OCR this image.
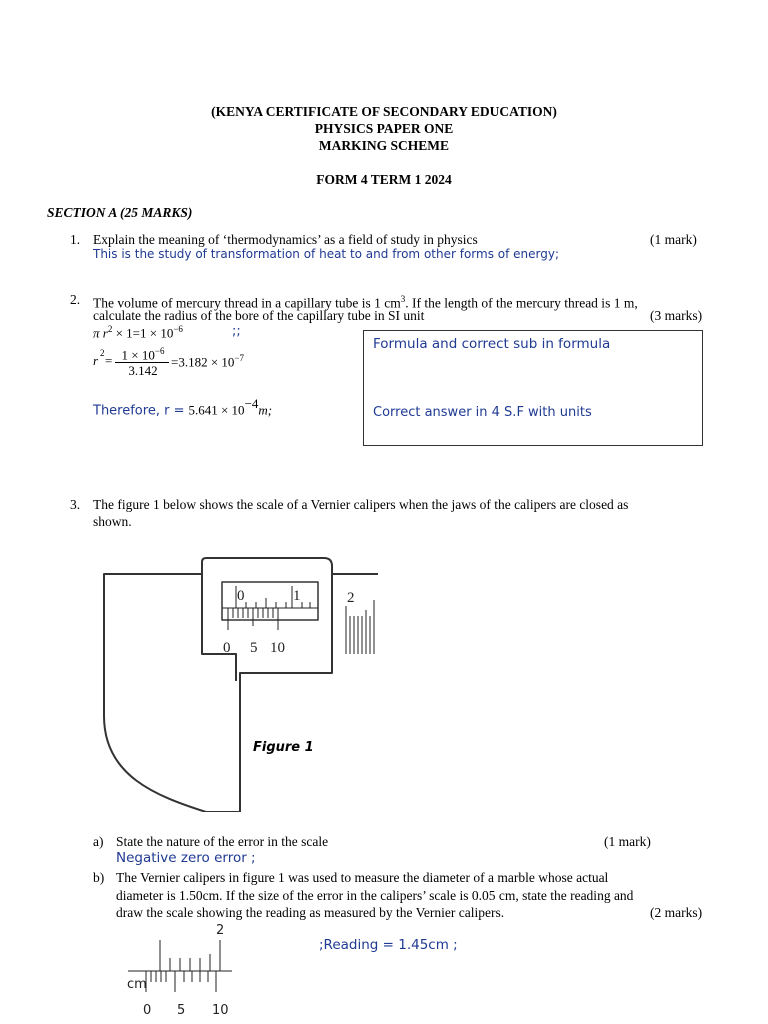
(KENYA CERTIFICATE OF SECONDARY EDUCATION)
PHYSICS PAPER ONE
MARKING SCHEME
FORM 4 TERM 1 2024
SECTION A (25 MARKS)
1. Explain the meaning of ‘thermodynamics’ as a field of study in physics	(1 mark)
This is the study of transformation of heat to and from other forms of energy;
2. The volume of mercury thread in a capillary tube is 1 $cm^3$. If the length of the mercury thread is 1 m,
calculate the radius of the bore of the capillary tube in SI unit	(3 marks)
π $r^2 \times 1=1 \times 10^{-6}$	;;
r $2 = 1 \times 10^{-6}$
3.142
$=3.182 \times 10^{-7}$
Therefore, $r = 5.641 \times 10^{-4}m$;
Formula and correct sub in formula
Correct answer in 4 S.F with units
3. The figure 1 below shows the scale of a Vernier calipers when the jaws of the calipers are closed as
shown.
0	1	2
0 5 10
Figure 1
a) State the nature of the error in the scale	(1 mark)
Negative zero error ;
b) The Vernier calipers in figure 1 was used to measure the diameter of a marble whose actual
diameter is 1.50cm. If the size of the error in the calipers’ scale is 0.05 cm, state the reading and
draw the scale showing the reading as measured by the Vernier calipers.	(2 marks)
;Reading = 1.45cm ;
2
cm
0 5 10
